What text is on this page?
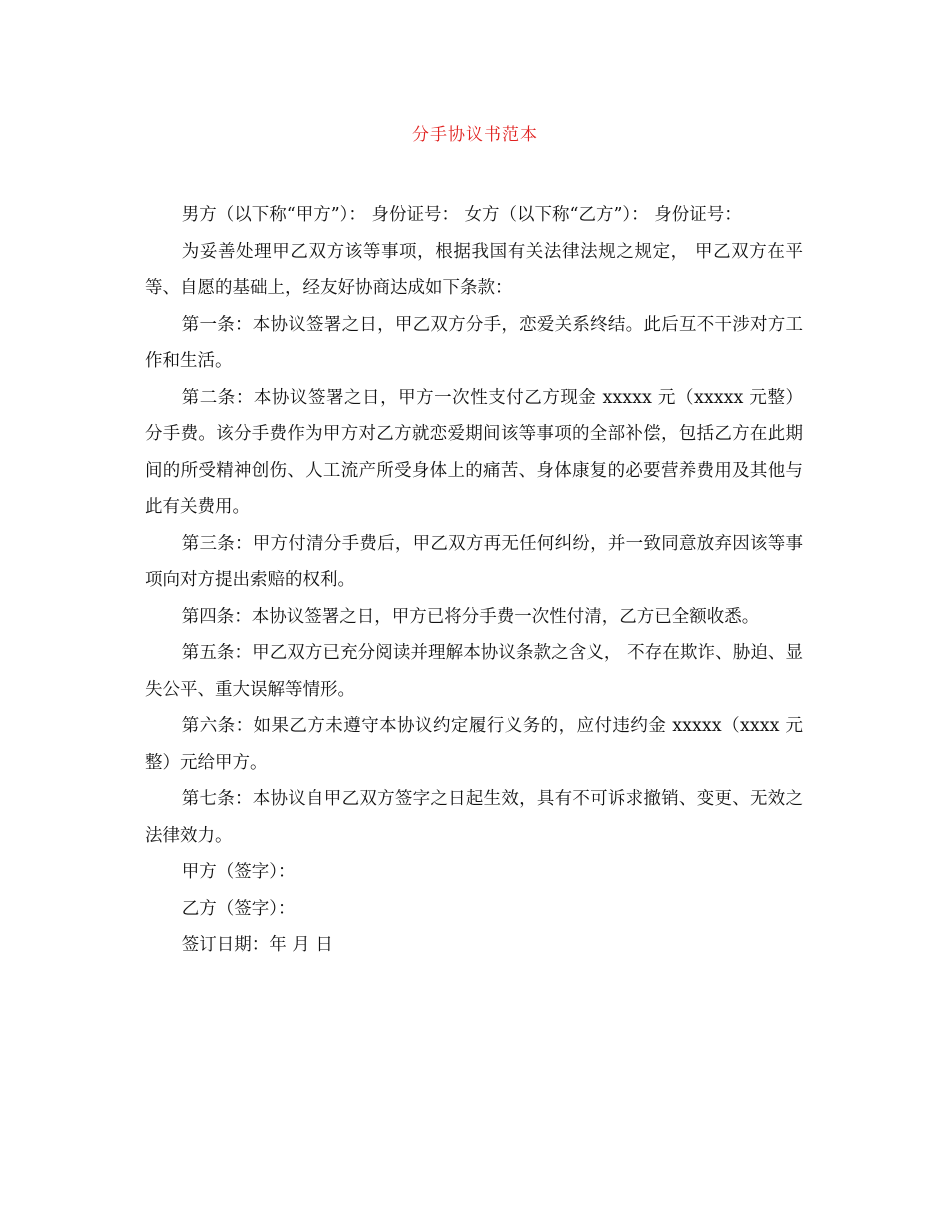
分手协议书范本

男方（以下称“甲方”）： 身份证号： 女方（以下称“乙方”）： 身份证号：

为妥善处理甲乙双方该等事项，根据我国有关法律法规之规定， 甲乙双方在平等、自愿的基础上，经友好协商达成如下条款：

第一条：本协议签署之日，甲乙双方分手，恋爱关系终结。此后互不干涉对方工作和生活。

第二条：本协议签署之日，甲方一次性支付乙方现金 xxxxx 元（xxxxx 元整）分手费。该分手费作为甲方对乙方就恋爱期间该等事项的全部补偿，包括乙方在此期间的所受精神创伤、人工流产所受身体上的痛苦、身体康复的必要营养费用及其他与此有关费用。

第三条：甲方付清分手费后，甲乙双方再无任何纠纷，并一致同意放弃因该等事项向对方提出索赔的权利。

第四条：本协议签署之日，甲方已将分手费一次性付清，乙方已全额收悉。

第五条：甲乙双方已充分阅读并理解本协议条款之含义， 不存在欺诈、胁迫、显失公平、重大误解等情形。

第六条：如果乙方未遵守本协议约定履行义务的，应付违约金 xxxxx（xxxx 元整）元给甲方。

第七条：本协议自甲乙双方签字之日起生效，具有不可诉求撤销、变更、无效之法律效力。

甲方（签字）：

乙方（签字）：

签订日期：年 月 日
